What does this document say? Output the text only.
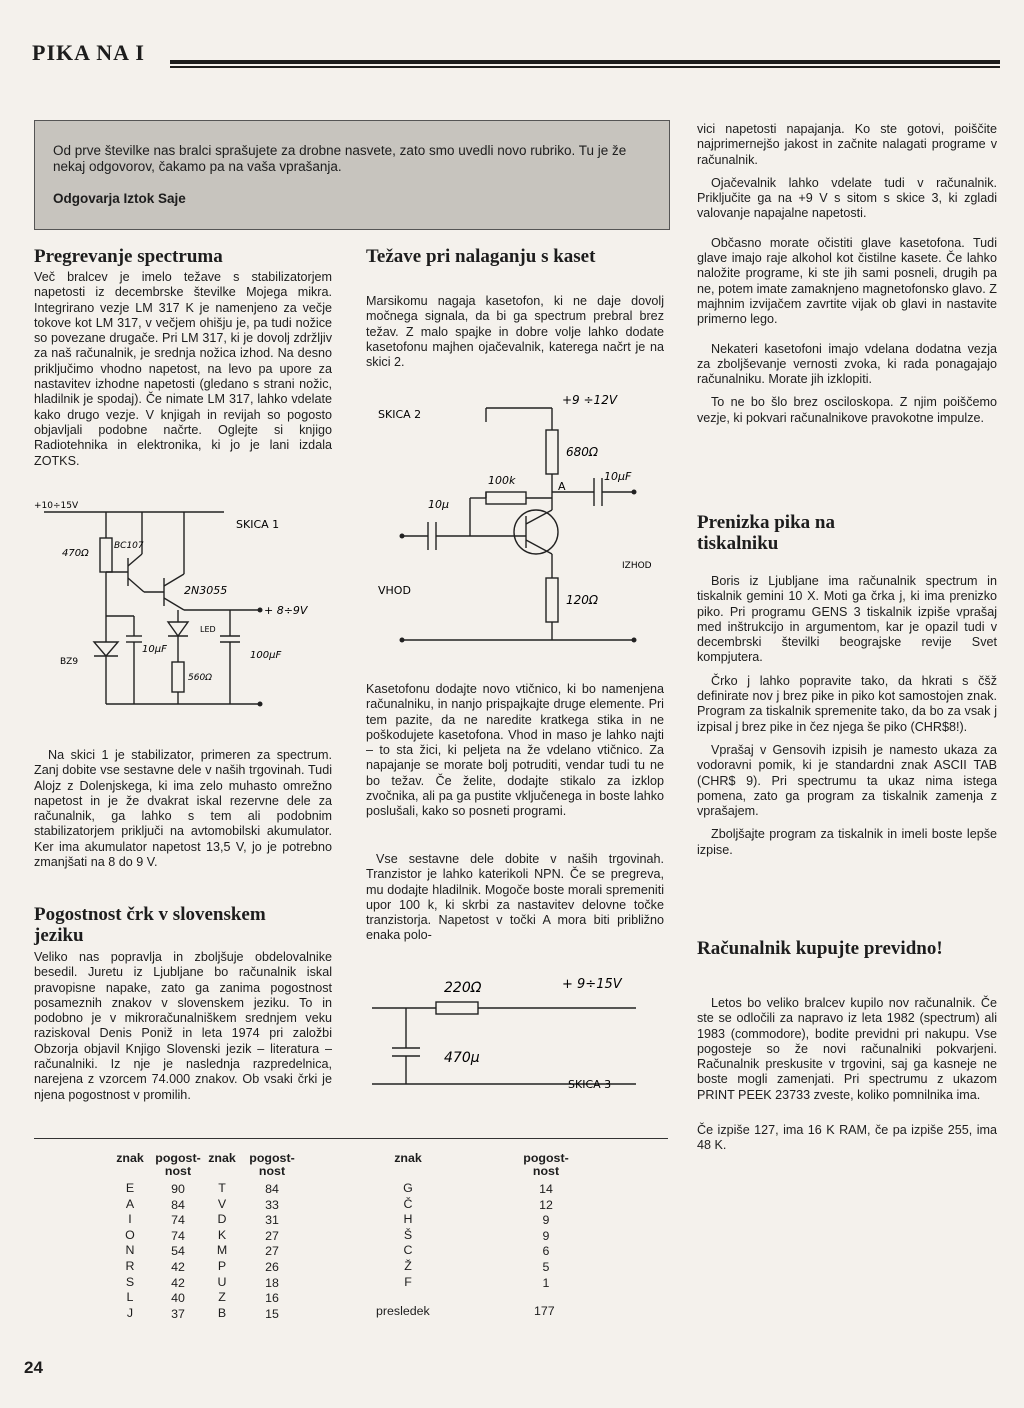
PIKA NA I

Od prve številke nas bralci sprašujete za drobne nasvete, zato smo uvedli novo rubriko. Tu je že nekaj odgovorov, čakamo pa na vaša vprašanja.

Odgovarja Iztok Saje

vici napetosti napajanja. Ko ste gotovi, poiščite najprimernejšo jakost in začnite nalagati programe v računalnik.

Ojačevalnik lahko vdelate tudi v računalnik. Priključite ga na +9 V s sitom s skice 3, ki zgladi valovanje napajalne napetosti.

Občasno morate očistiti glave kasetofona. Tudi glave imajo raje alkohol kot čistilne kasete. Če lahko naložite programe, ki ste jih sami posneli, drugih pa ne, potem imate zamaknjeno magnetofonsko glavo. Z majhnim izvijačem zavrtite vijak ob glavi in nastavite primerno lego.

Nekateri kasetofoni imajo vdelana dodatna vezja za zboljševanje vernosti zvoka, ki rada ponagajajo računalniku. Morate jih izklopiti.

To ne bo šlo brez osciloskopa. Z njim poiščemo vezje, ki pokvari računalnikove pravokotne impulze.

Pregrevanje spectruma
Več bralcev je imelo težave s stabilizatorjem napetosti iz decembrske številke Mojega mikra. Integrirano vezje LM 317 K je namenjeno za večje tokove kot LM 317, v večjem ohišju je, pa tudi nožice so povezane drugače. Pri LM 317, ki je dovolj zdržljiv za naš računalnik, je srednja nožica izhod. Na desno priključimo vhodno napetost, na levo pa upore za nastavitev izhodne napetosti (gledano s strani nožic, hladilnik je spodaj). Če nimate LM 317, lahko vdelate kako drugo vezje. V knjigah in revijah so pogosto objavljali podobne načrte. Oglejte si knjigo Radiotehnika in elektronika, ki jo je lani izdala ZOTKS.
+10÷15V
470Ω
BC107
2N3055
+ 8÷9V
LED
10μF
100μF
BZ9
560Ω
SKICA 1
Na skici 1 je stabilizator, primeren za spectrum. Zanj dobite vse sestavne dele v naših trgovinah. Tudi Alojz z Dolenjskega, ki ima zelo muhasto omrežno napetost in je že dvakrat iskal rezervne dele za računalnik, ga lahko s tem ali podobnim stabilizatorjem priključi na avtomobilski akumulator. Ker ima akumulator napetost 13,5 V, jo je potrebno zmanjšati na 8 do 9 V.
Pogostnost črk v slovenskem jeziku
Veliko nas popravlja in zboljšuje obdelovalnike besedil. Juretu iz Ljubljane bo računalnik iskal pravopisne napake, zato ga zanima pogostnost posameznih znakov v slovenskem jeziku. To in podobno je v mikroračunalniškem srednjem veku raziskoval Denis Poniž in leta 1974 pri založbi Obzorja objavil Knjigo Slovenski jezik – literatura – računalniki. Iz nje je naslednja razpredelnica, narejena z vzorcem 74.000 znakov. Ob vsaki črki je njena pogostnost v promilih.
Težave pri nalaganju s kaset
Marsikomu nagaja kasetofon, ki ne daje dovolj močnega signala, da bi ga spectrum prebral brez težav. Z malo spajke in dobre volje lahko dodate kasetofonu majhen ojačevalnik, katerega načrt je na skici 2.
+9 ÷12V
SKICA 2
680Ω
100k
10μ
10μF
A
VHOD
IZHOD
120Ω
Kasetofonu dodajte novo vtičnico, ki bo namenjena računalniku, in nanjo prispajkajte druge elemente. Pri tem pazite, da ne naredite kratkega stika in ne poškodujete kasetofona. Vhod in maso je lahko najti – to sta žici, ki peljeta na že vdelano vtičnico. Za napajanje se morate bolj potruditi, vendar tudi tu ne bo težav. Če želite, dodajte stikalo za izklop zvočnika, ali pa ga pustite vključenega in boste lahko poslušali, kako so posneti programi.
Vse sestavne dele dobite v naših trgovinah. Tranzistor je lahko katerikoli NPN. Če se pregreva, mu dodajte hladilnik. Mogoče boste morali spremeniti upor 100 k, ki skrbi za nastavitev delovne točke tranzistorja. Napetost v točki A mora biti približno enaka polo-
220Ω	+ 9÷15V
470μ
SKICA 3
Prenizka pika na tiskalniku

Boris iz Ljubljane ima računalnik spectrum in tiskalnik gemini 10 X. Moti ga črka j, ki ima prenizko piko. Pri programu GENS 3 tiskalnik izpiše vprašaj med inštrukcijo in argumentom, kar je opazil tudi v decembrski številki beograjske revije Svet kompjutera.

Črko j lahko popravite tako, da hkrati s čšž definirate nov j brez pike in piko kot samostojen znak. Program za tiskalnik spremenite tako, da bo za vsak j izpisal j brez pike in čez njega še piko (CHR$8!).

Vprašaj v Gensovih izpisih je namesto ukaza za vodoravni pomik, ki je standardni znak ASCII TAB (CHR$ 9). Pri spectrumu ta ukaz nima istega pomena, zato ga program za tiskalnik zamenja z vprašajem.

Zboljšajte program za tiskalnik in imeli boste lepše izpise.

Računalnik kupujte previdno!

Letos bo veliko bralcev kupilo nov računalnik. Če ste se odločili za napravo iz leta 1982 (spectrum) ali 1983 (commodore), bodite previdni pri nakupu. Vse pogosteje so že novi računalniki pokvarjeni. Računalnik preskusite v trgovini, saj ga kasneje ne boste mogli zamenjati. Pri spectrumu z ukazom PRINT PEEK 23733 zveste, koliko pomnilnika ima.

Če izpiše 127, ima 16 K RAM, če pa izpiše 255, ima 48 K.

znak
E
A
I
O
N
R
S
L
J
pogost-
nost
90
84
74
74
54
42
42
40
37
znak
T
V
D
K
M
P
U
Z
B
pogost-
nost
84
33
31
27
27
26
18
16
15
znak
G
Č
H
Š
C
Ž
F
pogost-
nost
14
12
9
9
6
5
1
presledek	177
24
